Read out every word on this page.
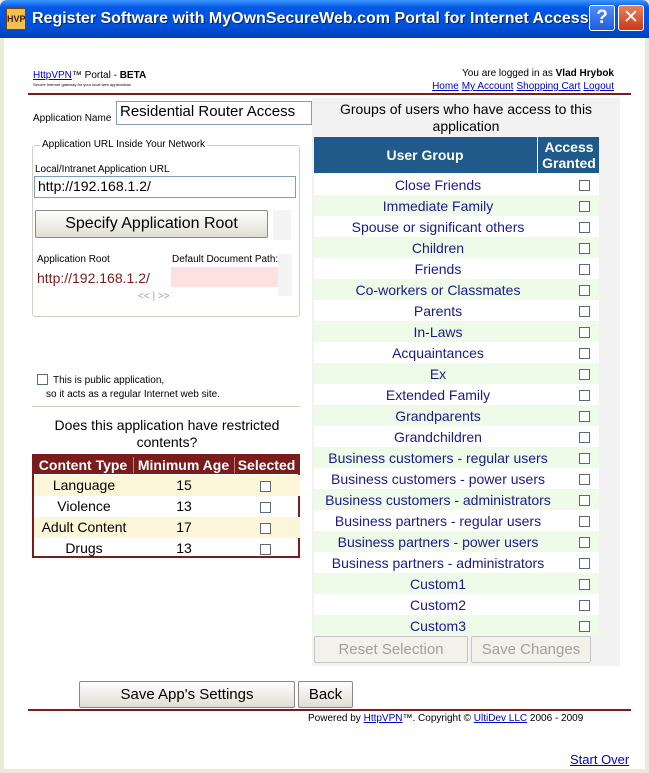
HVP Register Software with MyOwnSecureWeb.com Portal for Internet Access ? ✕
HttpVPN™ Portal - BETA
Secure Internet gateway for your local web applications
You are logged in as Vlad Hrybok
Home My Account Shopping Cart Logout
Application Name Residential Router Access
Application URL Inside Your Network
Local/Intranet Application URL
http://192.168.1.2/
Specify Application Root
Application Root	Default Document Path:
http://192.168.1.2/
<< | >>
This is public application,
so it acts as a regular Internet web site.
Does this application have restricted contents?
Content Type Minimum Age Selected
Language	15
Violence	13
Adult Content	17
Drugs	13
Groups of users who have access to this application
User Group	Access
Granted
Close Friends
Immediate Family
Spouse or significant others
Children
Friends
Co-workers or Classmates
Parents
In-Laws
Acquaintances
Ex
Extended Family
Grandparents
Grandchildren
Business customers - regular users
Business customers - power users
Business customers - administrators
Business partners - regular users
Business partners - power users
Business partners - administrators
Custom1
Custom2
Custom3
Reset Selection	Save Changes
Save App's Settings	Back
Powered by HttpVPN™. Copyright © UltiDev LLC 2006 - 2009
Start Over
